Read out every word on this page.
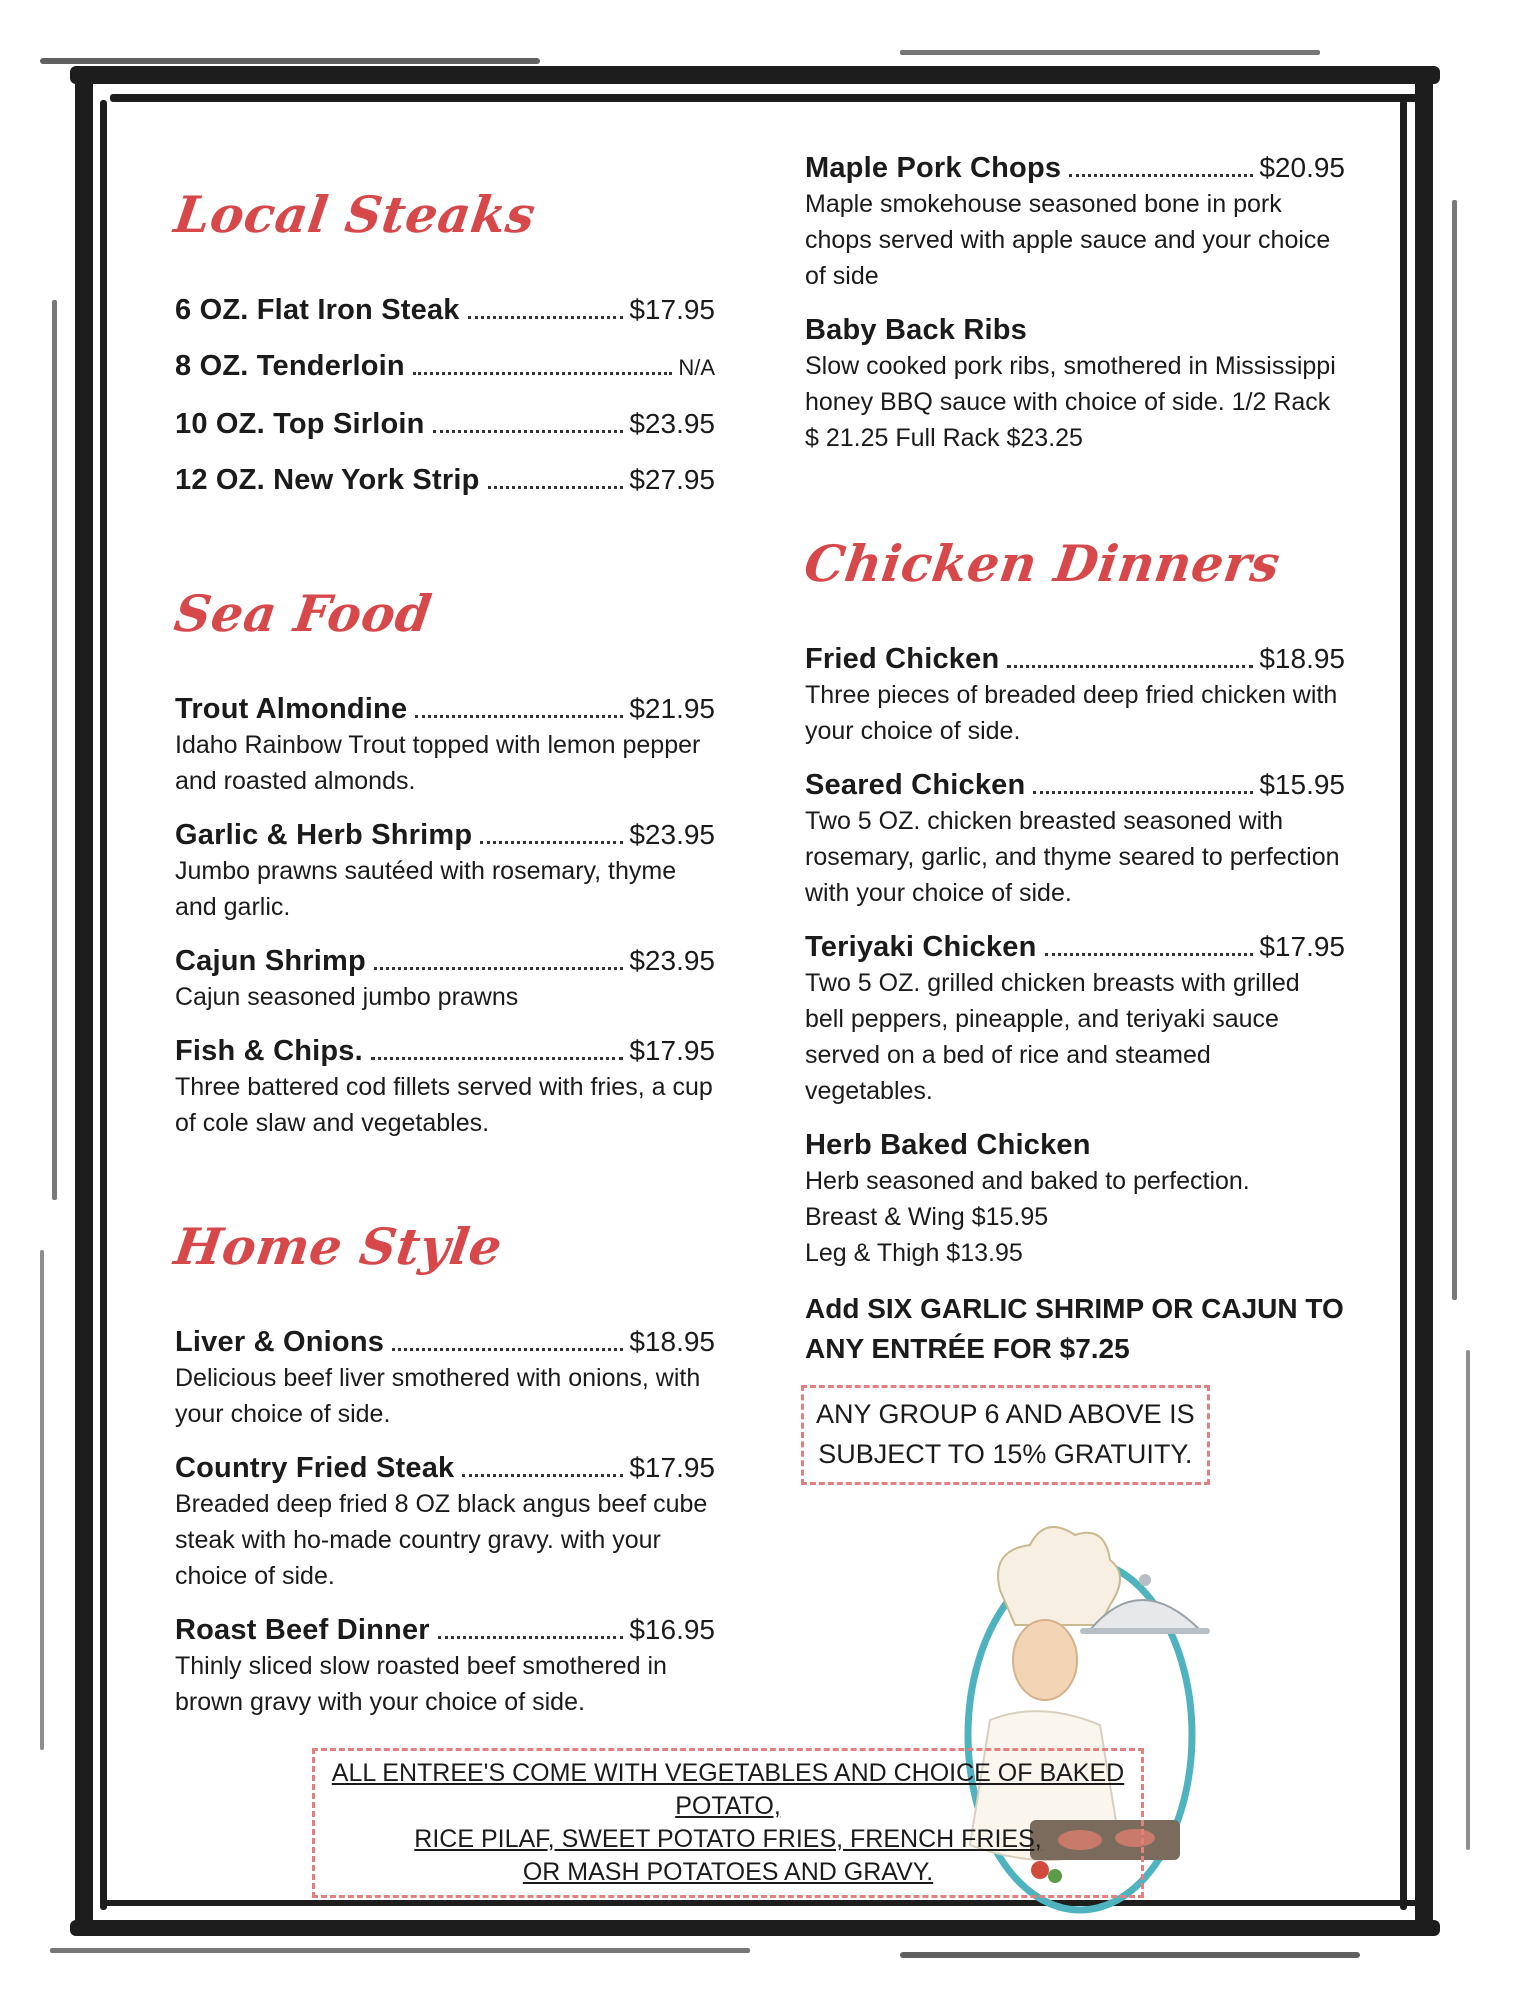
Local Steaks
6 OZ. Flat Iron Steak	$17.95
8 OZ. Tenderloin	N/A
10 OZ. Top Sirloin	$23.95
12 OZ. New York Strip	$27.95
Sea Food
Trout Almondine	$21.95

Idaho Rainbow Trout topped with lemon pepper and roasted almonds.

Garlic & Herb Shrimp	$23.95

Jumbo prawns sautéed with rosemary, thyme and garlic.

Cajun Shrimp	$23.95

Cajun seasoned jumbo prawns

Fish & Chips.	$17.95

Three battered cod fillets served with fries, a cup of cole slaw and vegetables.

Home Style
Liver & Onions	$18.95

Delicious beef liver smothered with onions, with your choice of side.

Country Fried Steak	$17.95

Breaded deep fried 8 OZ black angus beef cube steak with ho-made country gravy. with your choice of side.

Roast Beef Dinner	$16.95

Thinly sliced slow roasted beef smothered in brown gravy with your choice of side.

Maple Pork Chops	$20.95

Maple smokehouse seasoned bone in pork chops served with apple sauce and your choice of side

Baby Back Ribs

Slow cooked pork ribs, smothered in Mississippi honey BBQ sauce with choice of side. 1/2 Rack $ 21.25 Full Rack $23.25

Chicken Dinners
Fried Chicken	$18.95

Three pieces of breaded deep fried chicken with your choice of side.

Seared Chicken	$15.95

Two 5 OZ. chicken breasted seasoned with rosemary, garlic, and thyme seared to perfection with your choice of side.

Teriyaki Chicken	$17.95

Two 5 OZ. grilled chicken breasts with grilled bell peppers, pineapple, and teriyaki sauce served on a bed of rice and steamed vegetables.

Herb Baked Chicken

Herb seasoned and baked to perfection.

Breast & Wing $15.95

Leg & Thigh $13.95

Add SIX GARLIC SHRIMP OR CAJUN TO
ANY ENTRÉE FOR $7.25
ANY GROUP 6 AND ABOVE IS
SUBJECT TO 15% GRATUITY.
ALL ENTREE'S COME WITH VEGETABLES AND CHOICE OF BAKED POTATO,
RICE PILAF, SWEET POTATO FRIES, FRENCH FRIES,
OR MASH POTATOES AND GRAVY.
